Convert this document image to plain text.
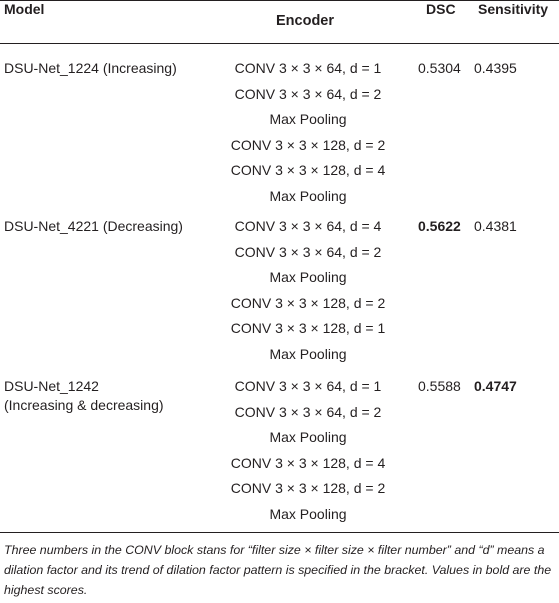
Model
Encoder
DSC Sensitivity
DSU-Net_1224 (Increasing)	CONV 3 × 3 × 64, d = 1
CONV 3 × 3 × 64, d = 2
Max Pooling
CONV 3 × 3 × 128, d = 2
CONV 3 × 3 × 128, d = 4
Max Pooling
0.5304 0.4395
DSU-Net_4221 (Decreasing)	CONV 3 × 3 × 64, d = 4
CONV 3 × 3 × 64, d = 2
Max Pooling
CONV 3 × 3 × 128, d = 2
CONV 3 × 3 × 128, d = 1
Max Pooling
0.5622 0.4381
DSU-Net_1242
(Increasing & decreasing)
CONV 3 × 3 × 64, d = 1
CONV 3 × 3 × 64, d = 2
Max Pooling
CONV 3 × 3 × 128, d = 4
CONV 3 × 3 × 128, d = 2
Max Pooling
0.5588 0.4747
Three numbers in the CONV block stans for “filter size × filter size × filter number” and “d” means a dilation factor and its trend of dilation factor pattern is specified in the bracket. Values in bold are the highest scores.
